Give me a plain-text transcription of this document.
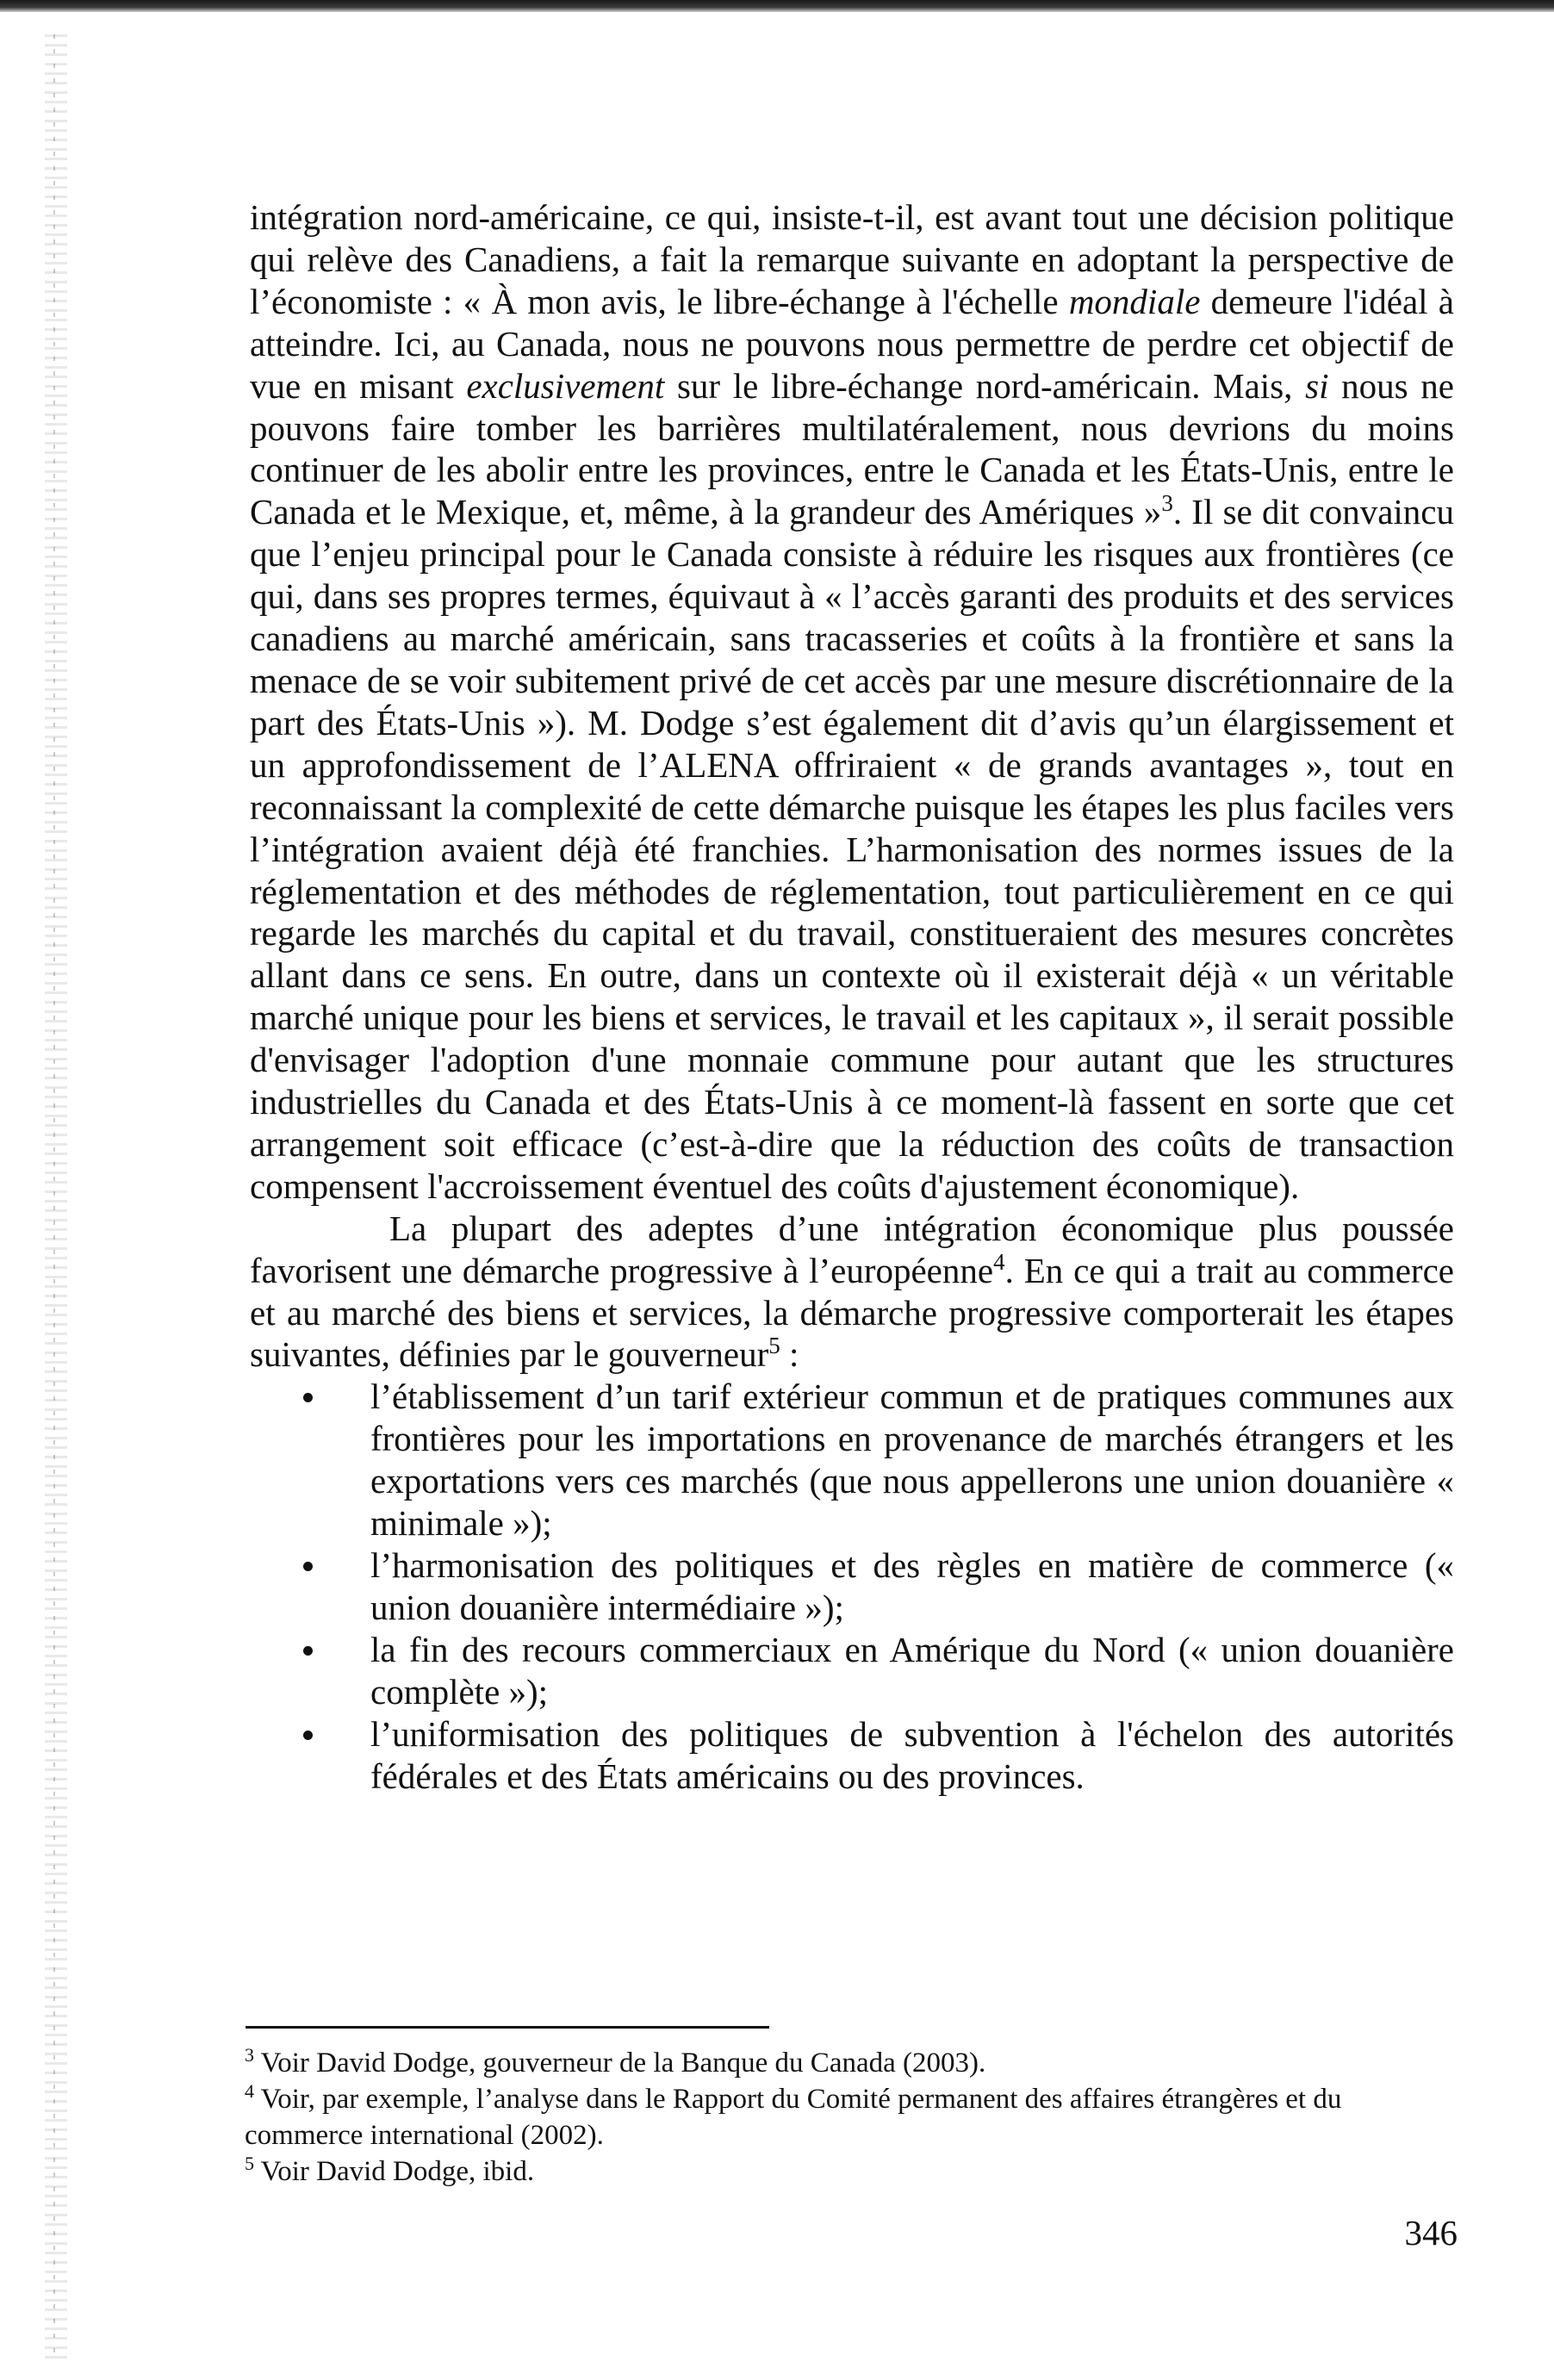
intégration nord-américaine, ce qui, insiste-t-il, est avant tout une décision politique qui relève des Canadiens, a fait la remarque suivante en adoptant la perspective de l’économiste : « À mon avis, le libre-échange à l'échelle mondiale demeure l'idéal à atteindre. Ici, au Canada, nous ne pouvons nous permettre de perdre cet objectif de vue en misant exclusivement sur le libre-échange nord-américain. Mais, si nous ne pouvons faire tomber les barrières multilatéralement, nous devrions du moins continuer de les abolir entre les provinces, entre le Canada et les États-Unis, entre le Canada et le Mexique, et, même, à la grandeur des Amériques »$^3$. Il se dit convaincu que l’enjeu principal pour le Canada consiste à réduire les risques aux frontières (ce qui, dans ses propres termes, équivaut à « l’accès garanti des produits et des services canadiens au marché américain, sans tracasseries et coûts à la frontière et sans la menace de se voir subitement privé de cet accès par une mesure discrétionnaire de la part des États-Unis »). M. Dodge s’est également dit d’avis qu’un élargissement et un approfondissement de l’ALENA offriraient « de grands avantages », tout en reconnaissant la complexité de cette démarche puisque les étapes les plus faciles vers l’intégration avaient déjà été franchies. L’harmonisation des normes issues de la réglementation et des méthodes de réglementation, tout particulièrement en ce qui regarde les marchés du capital et du travail, constitueraient des mesures concrètes allant dans ce sens. En outre, dans un contexte où il existerait déjà « un véritable marché unique pour les biens et services, le travail et les capitaux », il serait possible d'envisager l'adoption d'une monnaie commune pour autant que les structures industrielles du Canada et des États-Unis à ce moment-là fassent en sorte que cet arrangement soit efficace (c’est-à-dire que la réduction des coûts de transaction compensent l'accroissement éventuel des coûts d'ajustement économique).

La plupart des adeptes d’une intégration économique plus poussée favorisent une démarche progressive à l’européenne$^4$. En ce qui a trait au commerce et au marché des biens et services, la démarche progressive comporterait les étapes suivantes, définies par le gouverneur$^5$ :

l’établissement d’un tarif extérieur commun et de pratiques communes aux frontières pour les importations en provenance de marchés étrangers et les exportations vers ces marchés (que nous appellerons une union douanière « minimale »);
l’harmonisation des politiques et des règles en matière de commerce (« union douanière intermédiaire »);
la fin des recours commerciaux en Amérique du Nord (« union douanière complète »);
l’uniformisation des politiques de subvention à l'échelon des autorités fédérales et des États américains ou des provinces.

$^3$ Voir David Dodge, gouverneur de la Banque du Canada (2003).

$^4$ Voir, par exemple, l’analyse dans le Rapport du Comité permanent des affaires étrangères et du commerce international (2002).

$^5$ Voir David Dodge, ibid.

346
